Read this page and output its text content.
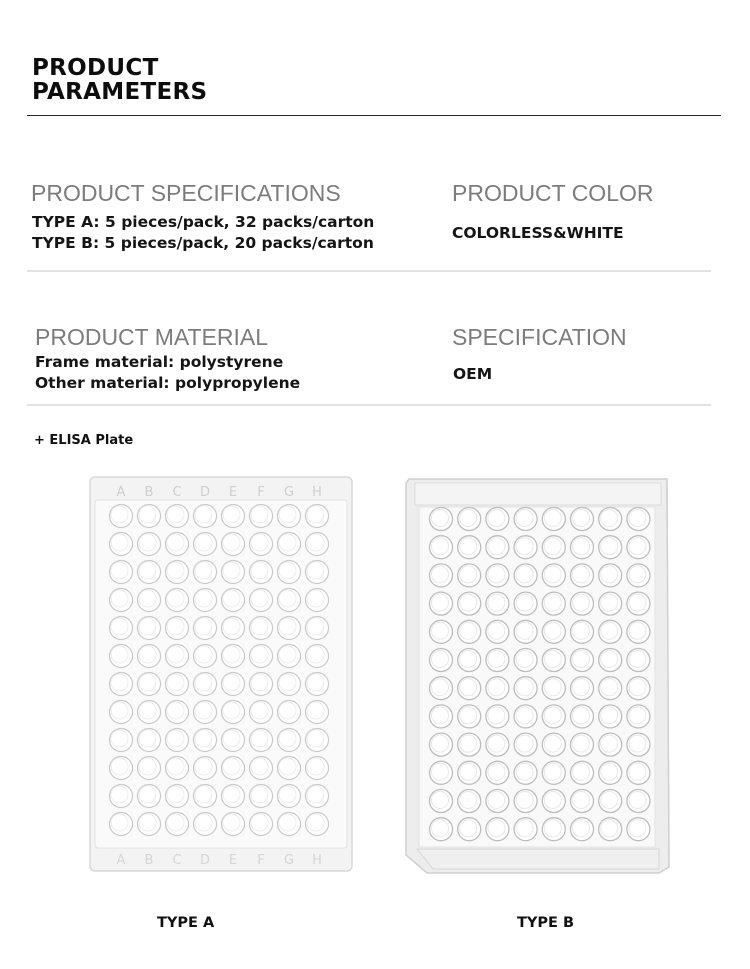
PRODUCT
PARAMETERS
PRODUCT SPECIFICATIONS
TYPE A: 5 pieces/pack, 32 packs/carton
TYPE B: 5 pieces/pack, 20 packs/carton
PRODUCT COLOR
COLORLESS&WHITE
PRODUCT MATERIAL
Frame material: polystyrene
Other material: polypropylene
SPECIFICATION
OEM
+ ELISA Plate
A
A
B
B
C
C
D
D
E
E
F
F
G
G
H
H
TYPE A	TYPE B
